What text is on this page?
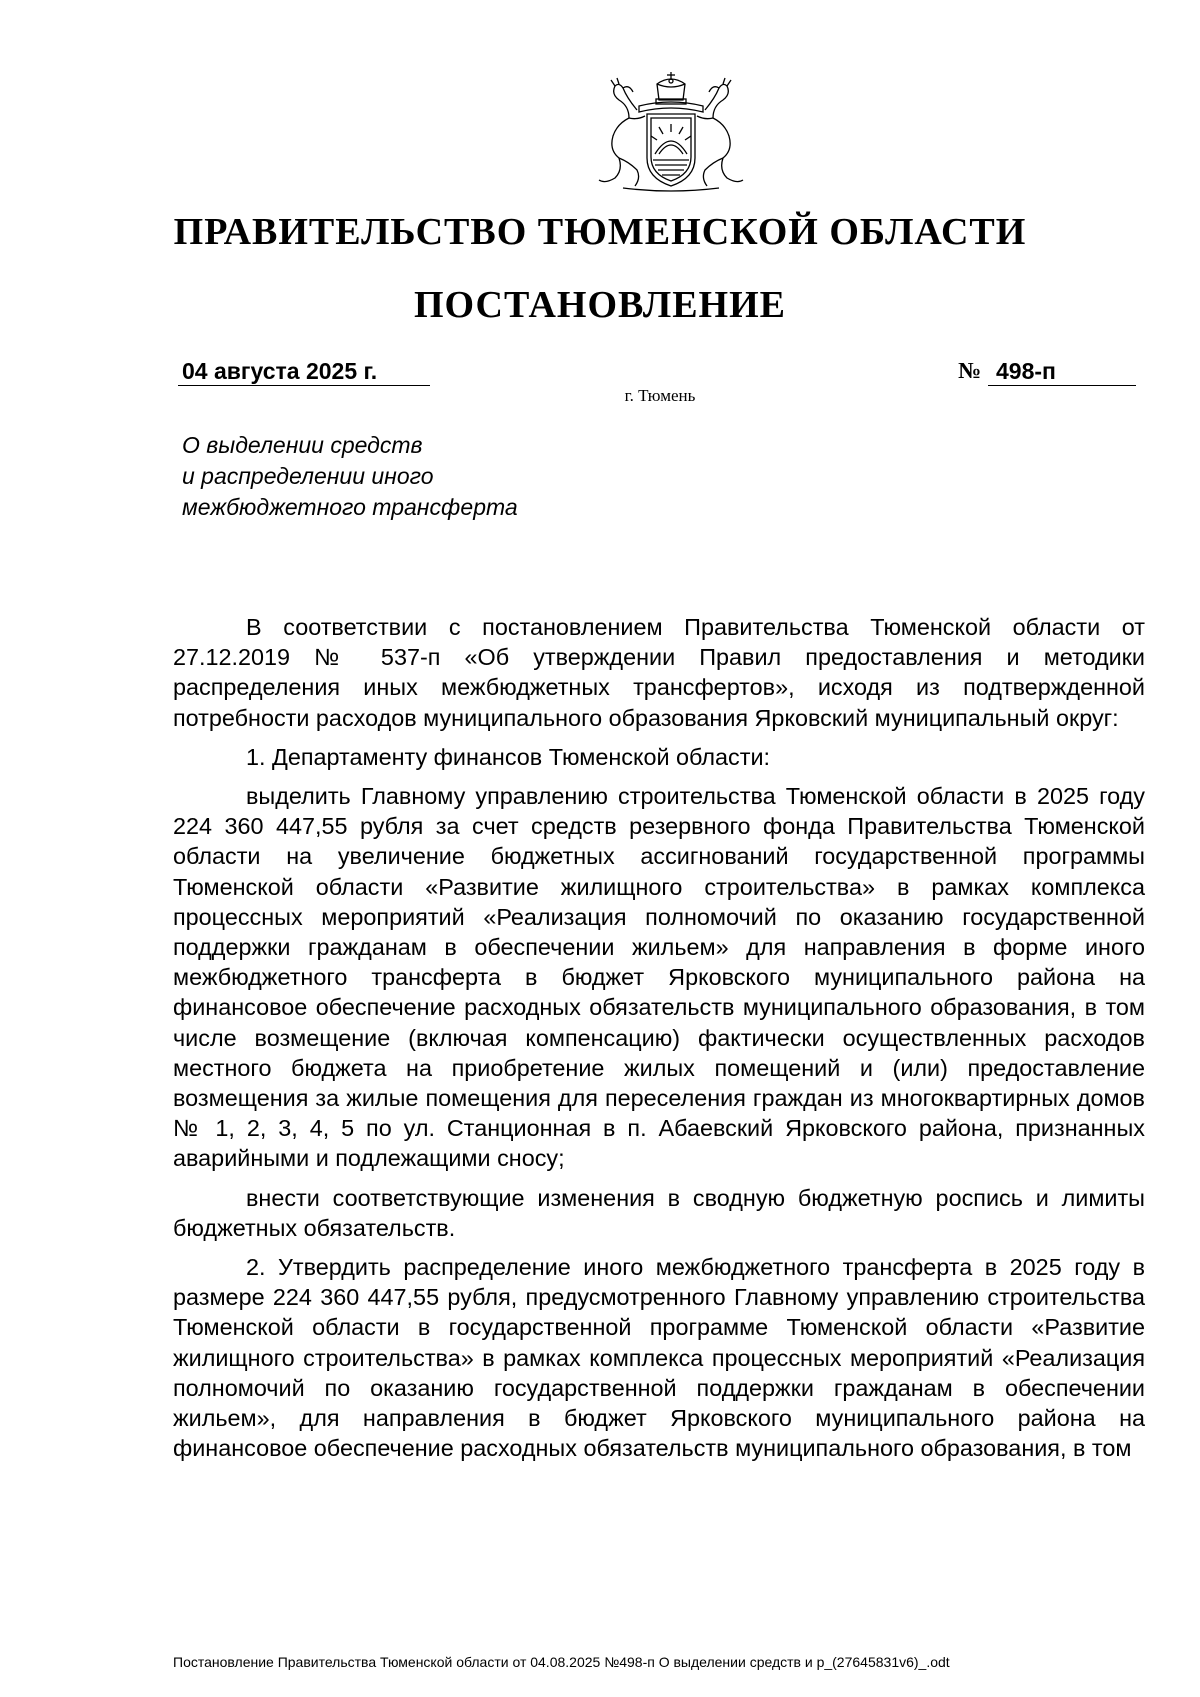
ПРАВИТЕЛЬСТВО ТЮМЕНСКОЙ ОБЛАСТИ
ПОСТАНОВЛЕНИЕ
04 августа 2025 г.	№ 498-п
г. Тюмень
О выделении средств
и распределении иного
межбюджетного трансферта

В соответствии с постановлением Правительства Тюменской области от 27.12.2019 № 537-п «Об утверждении Правил предоставления и методики распределения иных межбюджетных трансфертов», исходя из подтвержденной потребности расходов муниципального образования Ярковский муниципальный округ:

1. Департаменту финансов Тюменской области:

выделить Главному управлению строительства Тюменской области в 2025 году 224 360 447,55 рубля за счет средств резервного фонда Правительства Тюменской области на увеличение бюджетных ассигнований государственной программы Тюменской области «Развитие жилищного строительства» в рамках комплекса процессных мероприятий «Реализация полномочий по оказанию государственной поддержки гражданам в обеспечении жильем» для направления в форме иного межбюджетного трансферта в бюджет Ярковского муниципального района на финансовое обеспечение расходных обязательств муниципального образования, в том числе возмещение (включая компенсацию) фактически осуществленных расходов местного бюджета на приобретение жилых помещений и (или) предоставление возмещения за жилые помещения для переселения граждан из многоквартирных домов № 1, 2, 3, 4, 5 по ул. Станционная в п. Абаевский Ярковского района, признанных аварийными и подлежащими сносу;

внести соответствующие изменения в сводную бюджетную роспись и лимиты бюджетных обязательств.

2. Утвердить распределение иного межбюджетного трансферта в 2025 году в размере 224 360 447,55 рубля, предусмотренного Главному управлению строительства Тюменской области в государственной программе Тюменской области «Развитие жилищного строительства» в рамках комплекса процессных мероприятий «Реализация полномочий по оказанию государственной поддержки гражданам в обеспечении жильем», для направления в бюджет Ярковского муниципального района на финансовое обеспечение расходных обязательств муниципального образования, в том

Постановление Правительства Тюменской области от 04.08.2025 №498-п О выделении средств и р_(27645831v6)_.odt
